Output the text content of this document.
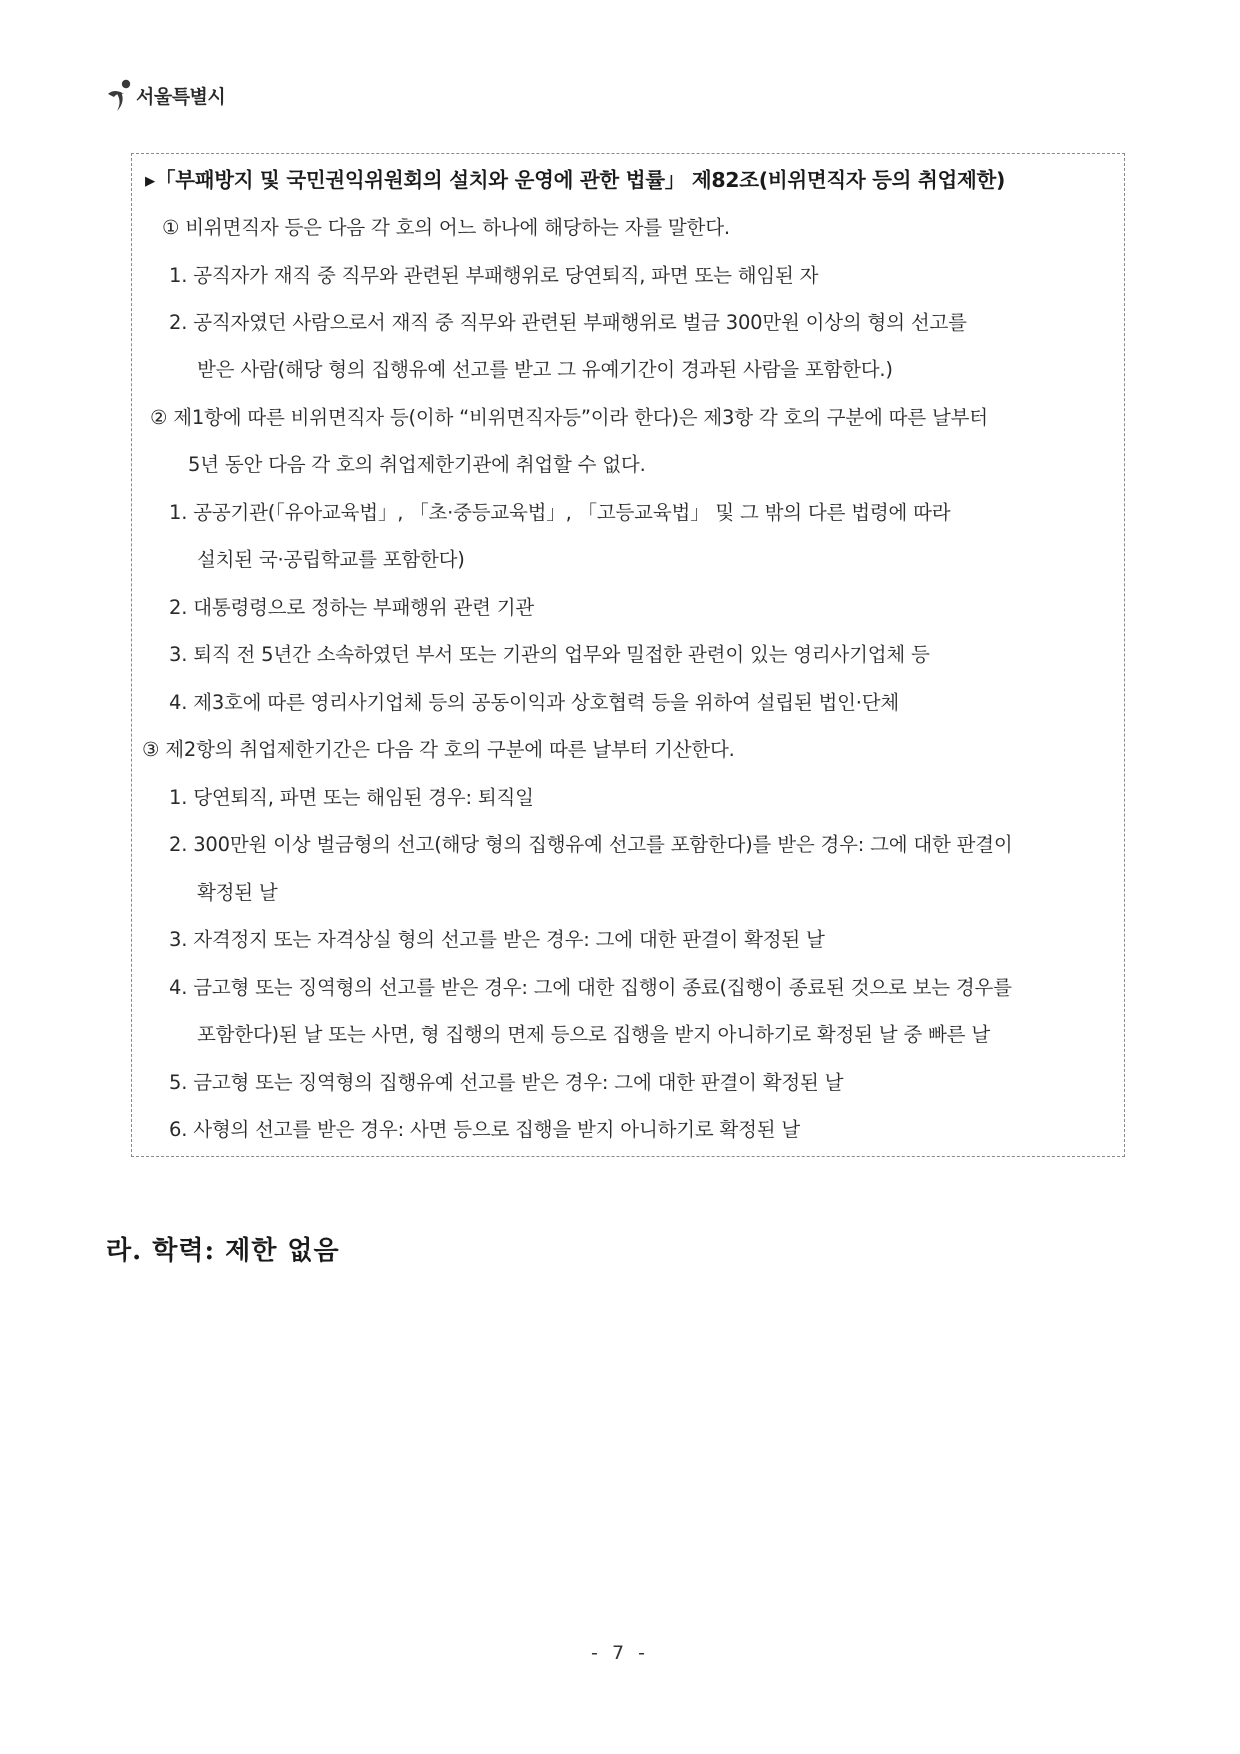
서울특별시
▸「부패방지 및 국민권익위원회의 설치와 운영에 관한 법률」 제82조(비위면직자 등의 취업제한)
① 비위면직자 등은 다음 각 호의 어느 하나에 해당하는 자를 말한다.
1. 공직자가 재직 중 직무와 관련된 부패행위로 당연퇴직, 파면 또는 해임된 자
2. 공직자였던 사람으로서 재직 중 직무와 관련된 부패행위로 벌금 300만원 이상의 형의 선고를
받은 사람(해당 형의 집행유예 선고를 받고 그 유예기간이 경과된 사람을 포함한다.)
② 제1항에 따른 비위면직자 등(이하 “비위면직자등”이라 한다)은 제3항 각 호의 구분에 따른 날부터
5년 동안 다음 각 호의 취업제한기관에 취업할 수 없다.
1. 공공기관(「유아교육법」, 「초·중등교육법」, 「고등교육법」 및 그 밖의 다른 법령에 따라
설치된 국·공립학교를 포함한다)
2. 대통령령으로 정하는 부패행위 관련 기관
3. 퇴직 전 5년간 소속하였던 부서 또는 기관의 업무와 밀접한 관련이 있는 영리사기업체 등
4. 제3호에 따른 영리사기업체 등의 공동이익과 상호협력 등을 위하여 설립된 법인·단체
③ 제2항의 취업제한기간은 다음 각 호의 구분에 따른 날부터 기산한다.
1. 당연퇴직, 파면 또는 해임된 경우: 퇴직일
2. 300만원 이상 벌금형의 선고(해당 형의 집행유예 선고를 포함한다)를 받은 경우: 그에 대한 판결이
확정된 날
3. 자격정지 또는 자격상실 형의 선고를 받은 경우: 그에 대한 판결이 확정된 날
4. 금고형 또는 징역형의 선고를 받은 경우: 그에 대한 집행이 종료(집행이 종료된 것으로 보는 경우를
포함한다)된 날 또는 사면, 형 집행의 면제 등으로 집행을 받지 아니하기로 확정된 날 중 빠른 날
5. 금고형 또는 징역형의 집행유예 선고를 받은 경우: 그에 대한 판결이 확정된 날
6. 사형의 선고를 받은 경우: 사면 등으로 집행을 받지 아니하기로 확정된 날
라. 학력: 제한 없음
- 7 -
